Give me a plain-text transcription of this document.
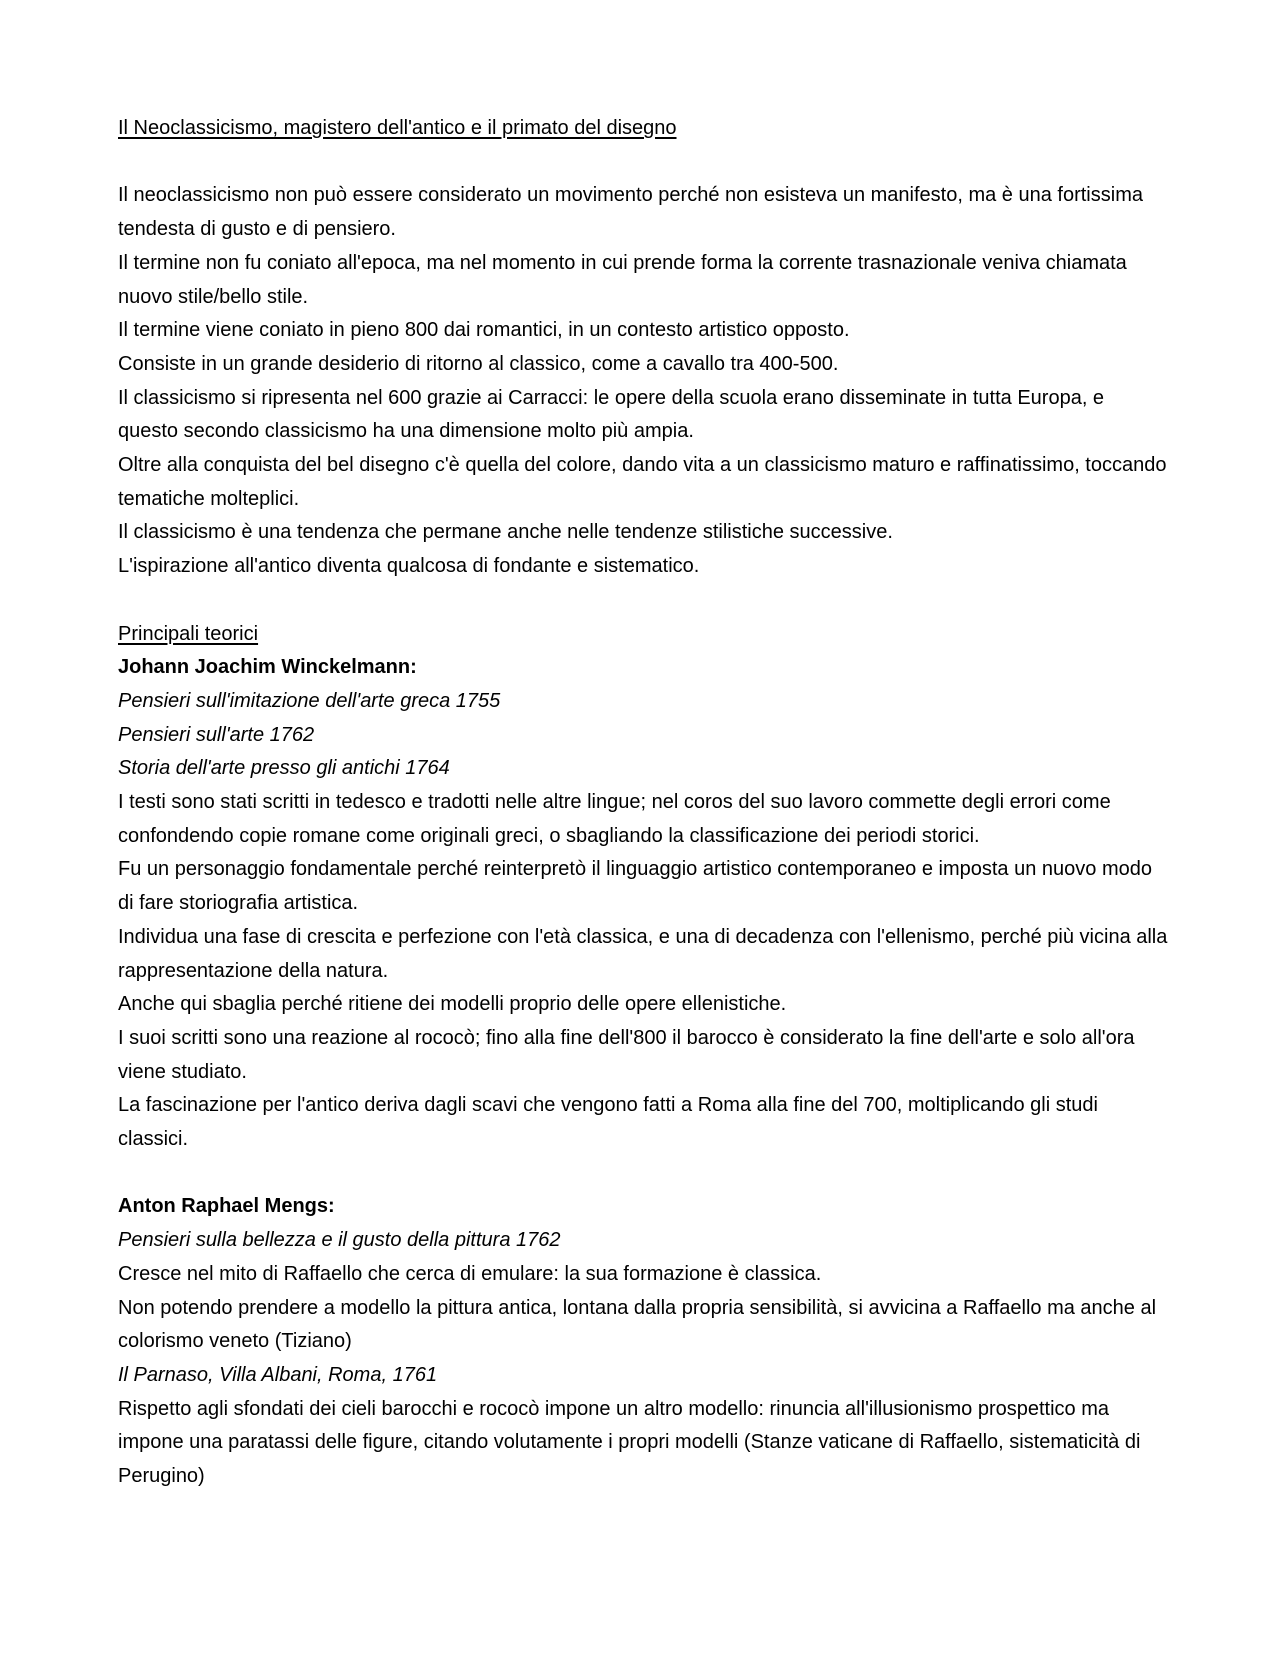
Il Neoclassicismo, magistero dell'antico e il primato del disegno

Il neoclassicismo non può essere considerato un movimento perché non esisteva un manifesto, ma è una fortissima tendesta di gusto e di pensiero.

Il termine non fu coniato all'epoca, ma nel momento in cui prende forma la corrente trasnazionale veniva chiamata nuovo stile/bello stile.

Il termine viene coniato in pieno 800 dai romantici, in un contesto artistico opposto.

Consiste in un grande desiderio di ritorno al classico, come a cavallo tra 400-500.

Il classicismo si ripresenta nel 600 grazie ai Carracci: le opere della scuola erano disseminate in tutta Europa, e questo secondo classicismo ha una dimensione molto più ampia.

Oltre alla conquista del bel disegno c'è quella del colore, dando vita a un classicismo maturo e raffinatissimo, toccando tematiche molteplici.

Il classicismo è una tendenza che permane anche nelle tendenze stilistiche successive.

L'ispirazione all'antico diventa qualcosa di fondante e sistematico.

Principali teorici

Johann Joachim Winckelmann:

Pensieri sull'imitazione dell'arte greca 1755

Pensieri sull'arte 1762

Storia dell'arte presso gli antichi 1764

I testi sono stati scritti in tedesco e tradotti nelle altre lingue; nel coros del suo lavoro commette degli errori come confondendo copie romane come originali greci, o sbagliando la classificazione dei periodi storici.

Fu un personaggio fondamentale perché reinterpretò il linguaggio artistico contemporaneo e imposta un nuovo modo di fare storiografia artistica.

Individua una fase di crescita e perfezione con l'età classica, e una di decadenza con l'ellenismo, perché più vicina alla rappresentazione della natura.

Anche qui sbaglia perché ritiene dei modelli proprio delle opere ellenistiche.

I suoi scritti sono una reazione al rococò; fino alla fine dell'800 il barocco è considerato la fine dell'arte e solo all'ora viene studiato.

La fascinazione per l'antico deriva dagli scavi che vengono fatti a Roma alla fine del 700, moltiplicando gli studi classici.

Anton Raphael Mengs:

Pensieri sulla bellezza e il gusto della pittura 1762

Cresce nel mito di Raffaello che cerca di emulare: la sua formazione è classica.

Non potendo prendere a modello la pittura antica, lontana dalla propria sensibilità, si avvicina a Raffaello ma anche al colorismo veneto (Tiziano)

Il Parnaso, Villa Albani, Roma, 1761

Rispetto agli sfondati dei cieli barocchi e rococò impone un altro modello: rinuncia all'illusionismo prospettico ma impone una paratassi delle figure, citando volutamente i propri modelli (Stanze vaticane di Raffaello, sistematicità di Perugino)
